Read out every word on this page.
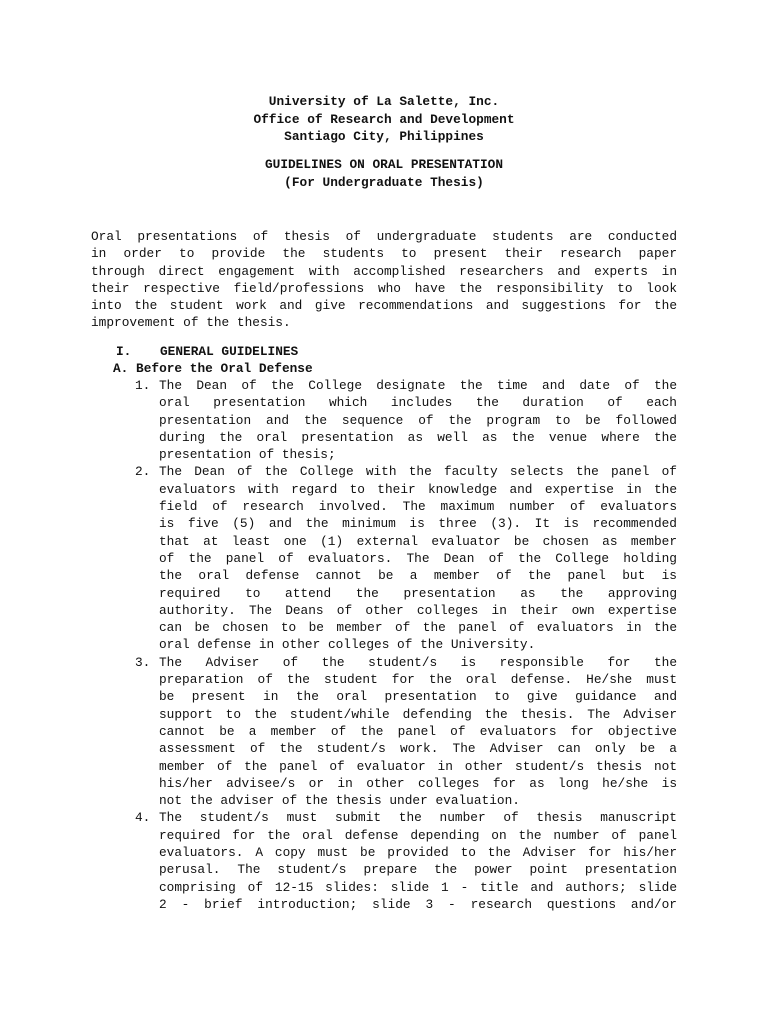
University of La Salette, Inc.
Office of Research and Development
Santiago City, Philippines
GUIDELINES ON ORAL PRESENTATION
(For Undergraduate Thesis)
Oral presentations of thesis of undergraduate students are conducted
in order to provide the students to present their research paper
through direct engagement with accomplished researchers and experts in
their respective field/professions who have the responsibility to look
into the student work and give recommendations and suggestions for the
improvement of the thesis.
I. GENERAL GUIDELINES
A. Before the Oral Defense
1. The Dean of the College designate the time and date of the
oral presentation which includes the duration of each
presentation and the sequence of the program to be followed
during the oral presentation as well as the venue where the
presentation of thesis;
2. The Dean of the College with the faculty selects the panel of
evaluators with regard to their knowledge and expertise in the
field of research involved. The maximum number of evaluators
is five (5) and the minimum is three (3). It is recommended
that at least one (1) external evaluator be chosen as member
of the panel of evaluators. The Dean of the College holding
the oral defense cannot be a member of the panel but is
required to attend the presentation as the approving
authority. The Deans of other colleges in their own expertise
can be chosen to be member of the panel of evaluators in the
oral defense in other colleges of the University.
3. The Adviser of the student/s is responsible for the
preparation of the student for the oral defense. He/she must
be present in the oral presentation to give guidance and
support to the student/while defending the thesis. The Adviser
cannot be a member of the panel of evaluators for objective
assessment of the student/s work. The Adviser can only be a
member of the panel of evaluator in other student/s thesis not
his/her advisee/s or in other colleges for as long he/she is
not the adviser of the thesis under evaluation.
4. The student/s must submit the number of thesis manuscript
required for the oral defense depending on the number of panel
evaluators. A copy must be provided to the Adviser for his/her
perusal. The student/s prepare the power point presentation
comprising of 12-15 slides: slide 1 - title and authors; slide
2 - brief introduction; slide 3 - research questions and/or
